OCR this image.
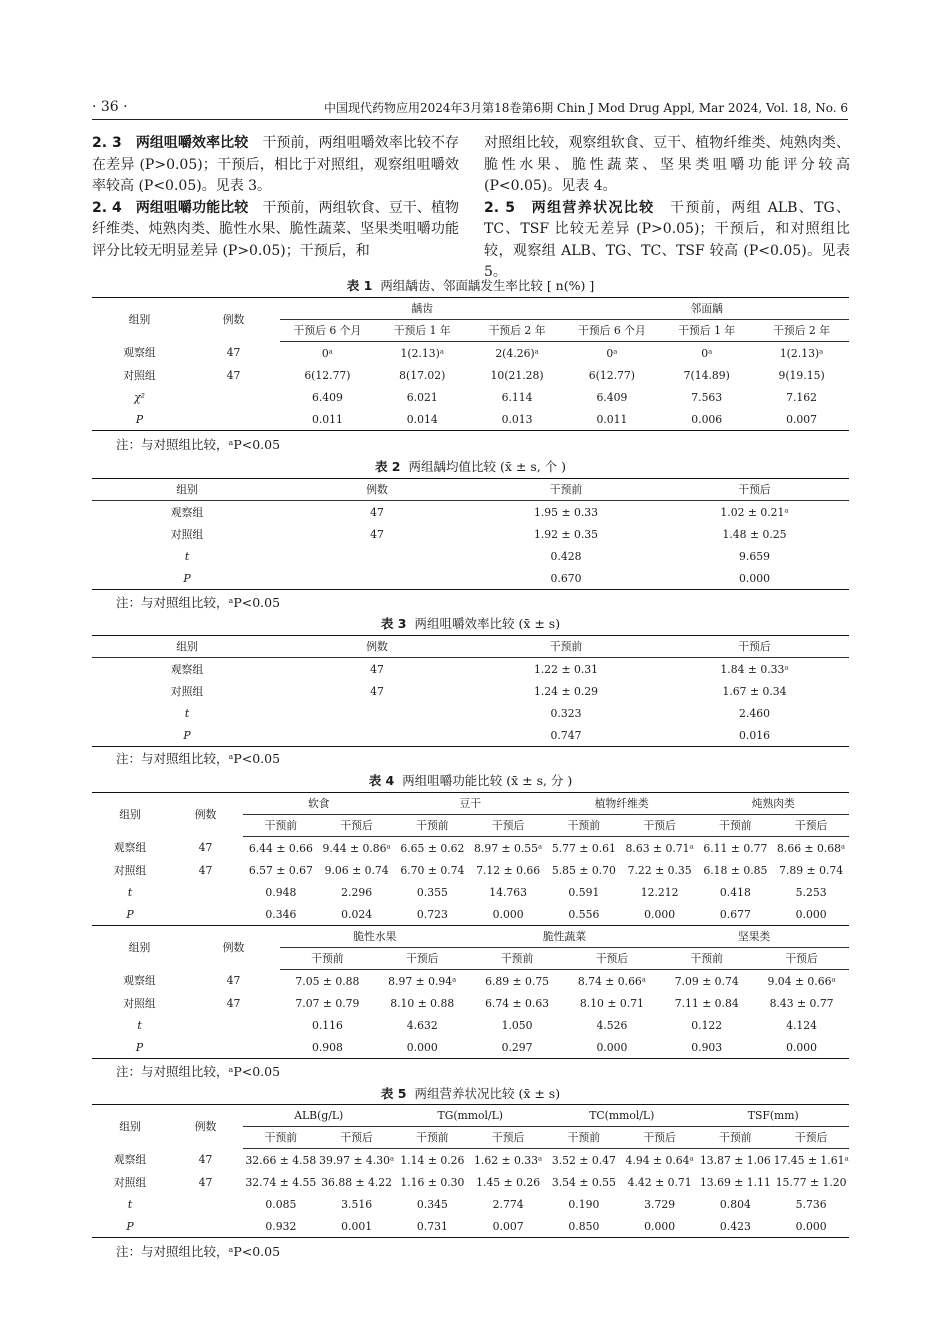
· 36 ·	中国现代药物应用2024年3月第18卷第6期 Chin J Mod Drug Appl, Mar 2024, Vol. 18, No. 6

2. 3　两组咀嚼效率比较　干预前，两组咀嚼效率比较不存在差异 (P>0.05)；干预后，相比于对照组，观察组咀嚼效率较高 (P<0.05)。见表 3。

2. 4　两组咀嚼功能比较　干预前，两组软食、豆干、植物纤维类、炖熟肉类、脆性水果、脆性蔬菜、坚果类咀嚼功能评分比较无明显差异 (P>0.05)；干预后，和

对照组比较，观察组软食、豆干、植物纤维类、炖熟肉类、脆性水果、脆性蔬菜、坚果类咀嚼功能评分较高 (P<0.05)。见表 4。

2. 5　两组营养状况比较　干预前，两组 ALB、TG、TC、TSF 比较无差异 (P>0.05)；干预后，和对照组比较，观察组 ALB、TG、TC、TSF 较高 (P<0.05)。见表 5。

表 1 两组龋齿、邻面龋发生率比较 [ n(%) ]
组别	例数	龋齿			邻面龋		
		干预后 6 个月	干预后 1 年	干预后 2 年	干预后 6 个月	干预后 1 年	干预后 2 年
观察组	47	0ᵃ	1(2.13)ᵃ	2(4.26)ᵃ	0ᵃ	0ᵃ	1(2.13)ᵃ
对照组	47	6(12.77)	8(17.02)	10(21.28)	6(12.77)	7(14.89)	9(19.15)
χ²		6.409	6.021	6.114	6.409	7.563	7.162
P		0.011	0.014	0.013	0.011	0.006	0.007
注：与对照组比较，ᵃP<0.05
表 2 两组龋均值比较 (x̄ ± s, 个 )
组别	例数	干预前	干预后
观察组	47	1.95 ± 0.33	1.02 ± 0.21ᵃ
对照组	47	1.92 ± 0.35	1.48 ± 0.25
t		0.428	9.659
P		0.670	0.000
注：与对照组比较，ᵃP<0.05
表 3 两组咀嚼效率比较 (x̄ ± s)
组别	例数	干预前	干预后
观察组	47	1.22 ± 0.31	1.84 ± 0.33ᵃ
对照组	47	1.24 ± 0.29	1.67 ± 0.34
t		0.323	2.460
P		0.747	0.016
注：与对照组比较，ᵃP<0.05
表 4 两组咀嚼功能比较 (x̄ ± s, 分 )
组别	例数	软食		豆干		植物纤维类		炖熟肉类	
		干预前	干预后	干预前	干预后	干预前	干预后	干预前	干预后
观察组	47	6.44 ± 0.66	9.44 ± 0.86ᵃ	6.65 ± 0.62	8.97 ± 0.55ᵃ	5.77 ± 0.61	8.63 ± 0.71ᵃ	6.11 ± 0.77	8.66 ± 0.68ᵃ
对照组	47	6.57 ± 0.67	9.06 ± 0.74	6.70 ± 0.74	7.12 ± 0.66	5.85 ± 0.70	7.22 ± 0.35	6.18 ± 0.85	7.89 ± 0.74
t		0.948	2.296	0.355	14.763	0.591	12.212	0.418	5.253
P		0.346	0.024	0.723	0.000	0.556	0.000	0.677	0.000
组别	例数	脆性水果		脆性蔬菜		坚果类	
		干预前	干预后	干预前	干预后	干预前	干预后
观察组	47	7.05 ± 0.88	8.97 ± 0.94ᵃ	6.89 ± 0.75	8.74 ± 0.66ᵃ	7.09 ± 0.74	9.04 ± 0.66ᵃ
对照组	47	7.07 ± 0.79	8.10 ± 0.88	6.74 ± 0.63	8.10 ± 0.71	7.11 ± 0.84	8.43 ± 0.77
t		0.116	4.632	1.050	4.526	0.122	4.124
P		0.908	0.000	0.297	0.000	0.903	0.000
注：与对照组比较，ᵃP<0.05
表 5 两组营养状况比较 (x̄ ± s)
组别	例数	ALB(g/L)		TG(mmol/L)		TC(mmol/L)		TSF(mm)	
		干预前	干预后	干预前	干预后	干预前	干预后	干预前	干预后
观察组	47	32.66 ± 4.58	39.97 ± 4.30ᵃ	1.14 ± 0.26	1.62 ± 0.33ᵃ	3.52 ± 0.47	4.94 ± 0.64ᵃ	13.87 ± 1.06	17.45 ± 1.61ᵃ
对照组	47	32.74 ± 4.55	36.88 ± 4.22	1.16 ± 0.30	1.45 ± 0.26	3.54 ± 0.55	4.42 ± 0.71	13.69 ± 1.11	15.77 ± 1.20
t		0.085	3.516	0.345	2.774	0.190	3.729	0.804	5.736
P		0.932	0.001	0.731	0.007	0.850	0.000	0.423	0.000
注：与对照组比较，ᵃP<0.05
